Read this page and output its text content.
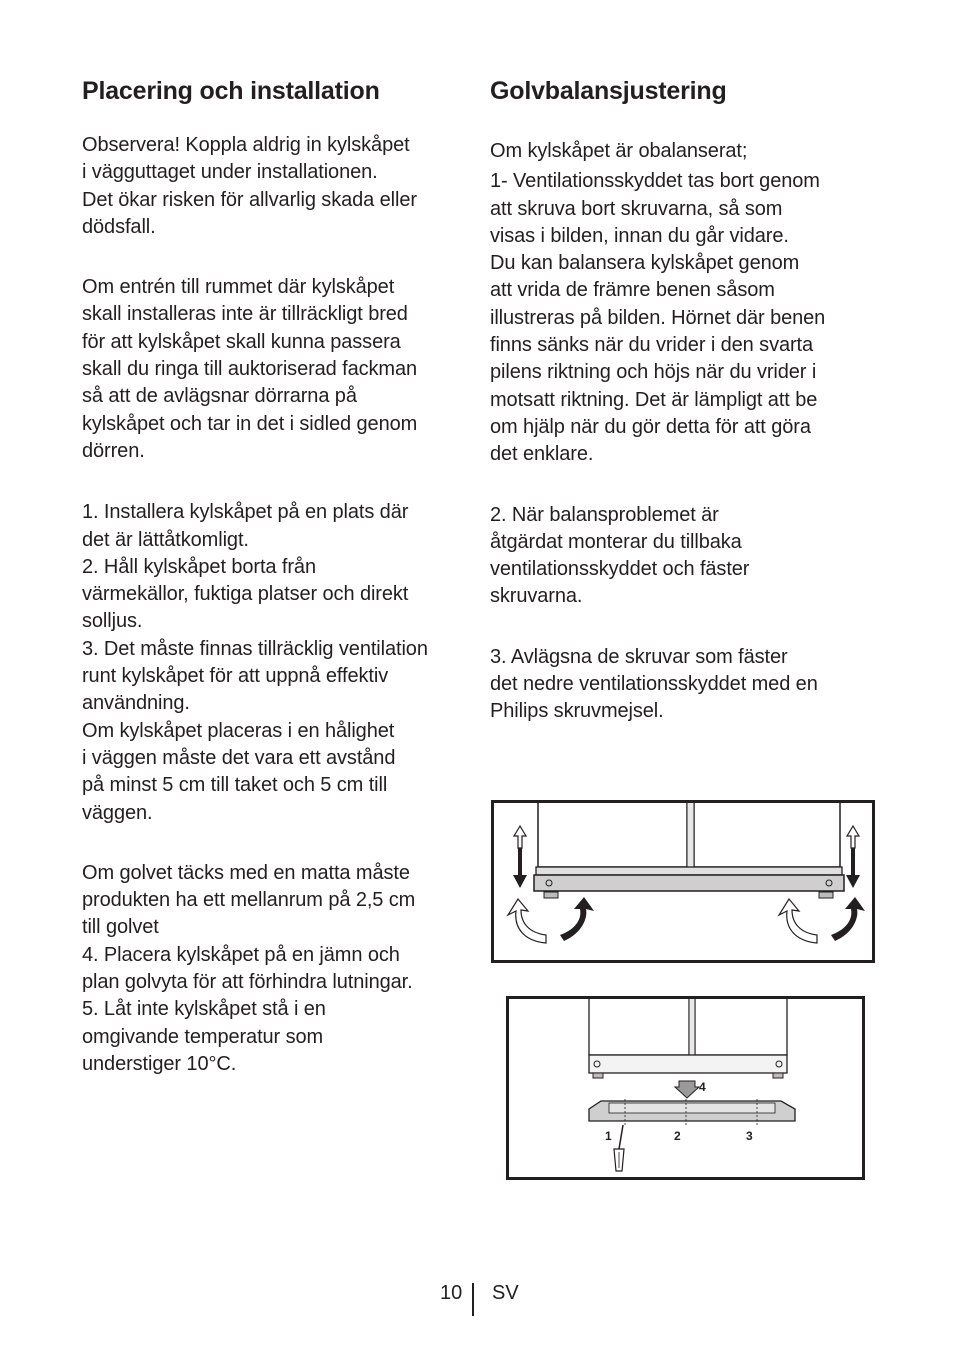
Placering och installation

Observera! Koppla aldrig in kylskåpet
i vägguttaget under installationen.
Det ökar risken för allvarlig skada eller
dödsfall.

Om entrén till rummet där kylskåpet
skall installeras inte är tillräckligt bred
för att kylskåpet skall kunna passera
skall du ringa till auktoriserad fackman
så att de avlägsnar dörrarna på
kylskåpet och tar in det i sidled genom
dörren.

1. Installera kylskåpet på en plats där
det är lättåtkomligt.

2. Håll kylskåpet borta från
värmekällor, fuktiga platser och direkt
solljus.

3. Det måste finnas tillräcklig ventilation
runt kylskåpet för att uppnå effektiv
användning.

Om kylskåpet placeras i en hålighet
i väggen måste det vara ett avstånd
på minst 5 cm till taket och 5 cm till
väggen.

Om golvet täcks med en matta måste
produkten ha ett mellanrum på 2,5 cm
till golvet

4. Placera kylskåpet på en jämn och
plan golvyta för att förhindra lutningar.

5. Låt inte kylskåpet stå i en
omgivande temperatur som
understiger 10°C.

Golvbalansjustering

Om kylskåpet är obalanserat;

1- Ventilationsskyddet tas bort genom
att skruva bort skruvarna, så som
visas i bilden, innan du går vidare.
Du kan balansera kylskåpet genom
att vrida de främre benen såsom
illustreras på bilden. Hörnet där benen
finns sänks när du vrider i den svarta
pilens riktning och höjs när du vrider i
motsatt riktning. Det är lämpligt att be
om hjälp när du gör detta för att göra
det enklare.

2. När balansproblemet är
åtgärdat monterar du tillbaka
ventilationsskyddet och fäster
skruvarna.

3. Avlägsna de skruvar som fäster
det nedre ventilationsskyddet med en
Philips skruvmejsel.

4
1	2	3
10 SV
